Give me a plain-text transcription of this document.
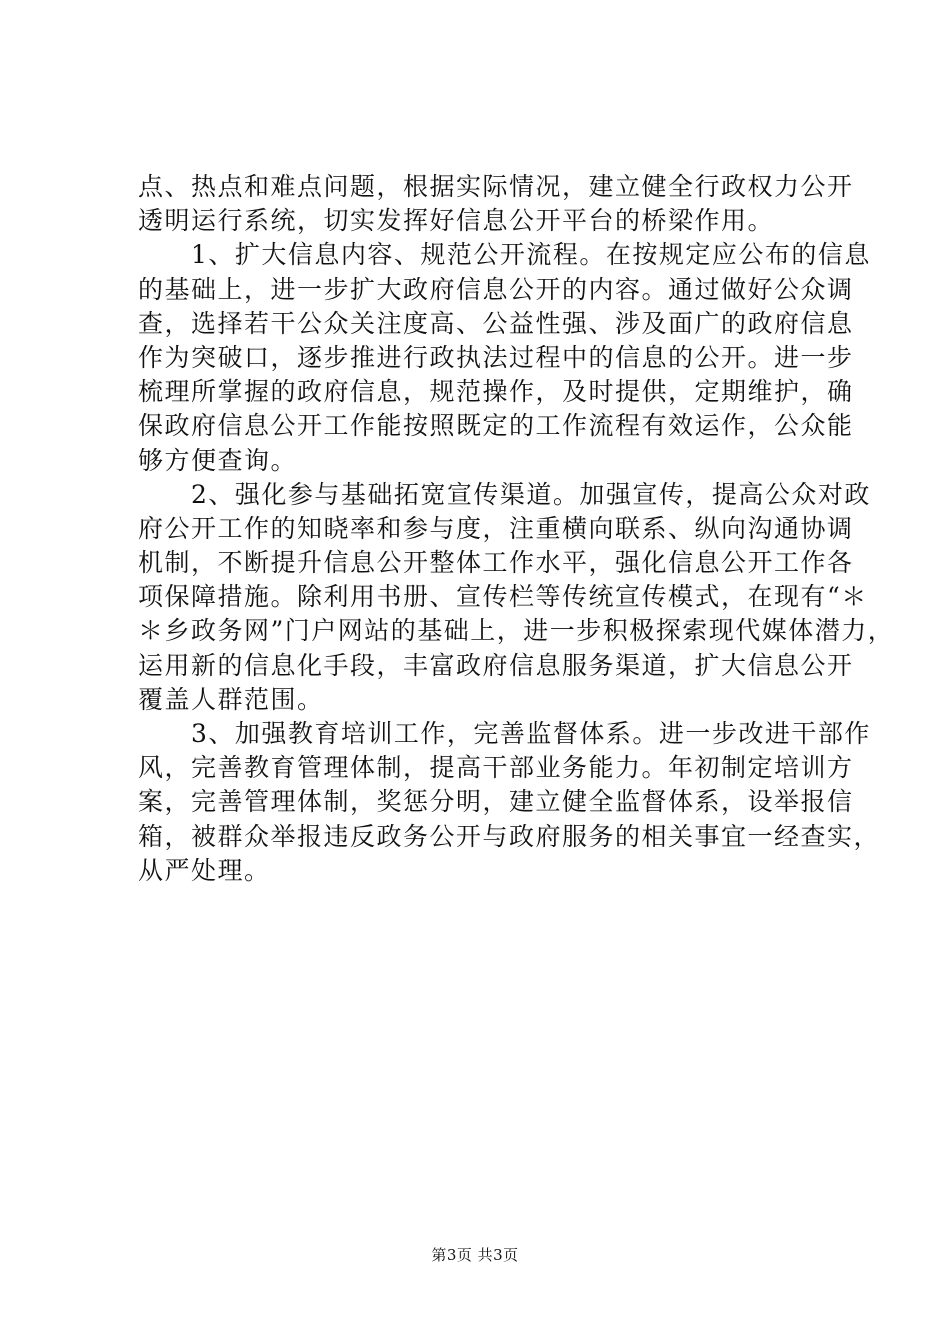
点、热点和难点问题，根据实际情况，建立健全行政权力公开
透明运行系统，切实发挥好信息公开平台的桥梁作用。
　　1、扩大信息内容、规范公开流程。在按规定应公布的信息
的基础上，进一步扩大政府信息公开的内容。通过做好公众调
查，选择若干公众关注度高、公益性强、涉及面广的政府信息
作为突破口，逐步推进行政执法过程中的信息的公开。进一步
梳理所掌握的政府信息，规范操作，及时提供，定期维护，确
保政府信息公开工作能按照既定的工作流程有效运作，公众能
够方便查询。
　　2、强化参与基础拓宽宣传渠道。加强宣传，提高公众对政
府公开工作的知晓率和参与度，注重横向联系、纵向沟通协调
机制，不断提升信息公开整体工作水平，强化信息公开工作各
项保障措施。除利用书册、宣传栏等传统宣传模式，在现有“＊
＊乡政务网”门户网站的基础上，进一步积极探索现代媒体潜力，
运用新的信息化手段，丰富政府信息服务渠道，扩大信息公开
覆盖人群范围。
　　3、加强教育培训工作，完善监督体系。进一步改进干部作
风，完善教育管理体制，提高干部业务能力。年初制定培训方
案，完善管理体制，奖惩分明，建立健全监督体系，设举报信
箱，被群众举报违反政务公开与政府服务的相关事宜一经查实，
从严处理。
第3页 共3页
